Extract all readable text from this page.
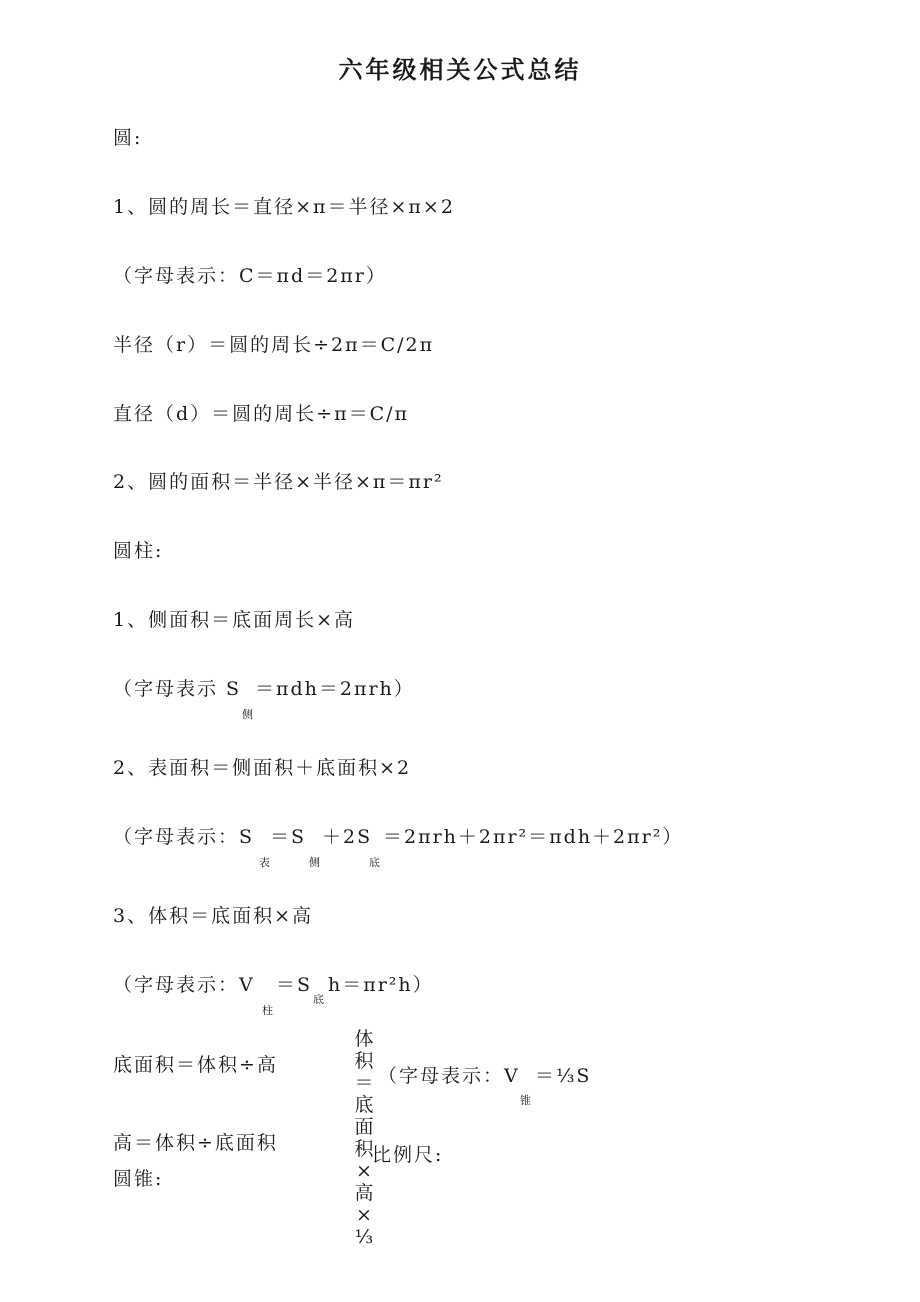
六年级相关公式总结
圆:
1、圆的周长＝直径×π＝半径×π×2
（字母表示：C＝πd＝2πr）
半径（r）＝圆的周长÷2π＝C/2π
直径（d）＝圆的周长÷π＝C/π
2、圆的面积＝半径×半径×π＝πr²
圆柱:
1、侧面积＝底面周长×高
（字母表示 S ＝πdh＝2πrh）
侧
2、表面积＝侧面积＋底面积×2
（字母表示：S ＝S ＋2S ＝2πrh＋2πr²＝πdh＋2πr²）
表	侧	底
3、体积＝底面积×高
（字母表示：V ＝S h＝πr²h）
柱
底
底面积＝体积÷高
高＝体积÷底面积
圆锥:
体积＝底面积×高×⅓
（字母表示：V ＝⅓S
锥
比例尺:
